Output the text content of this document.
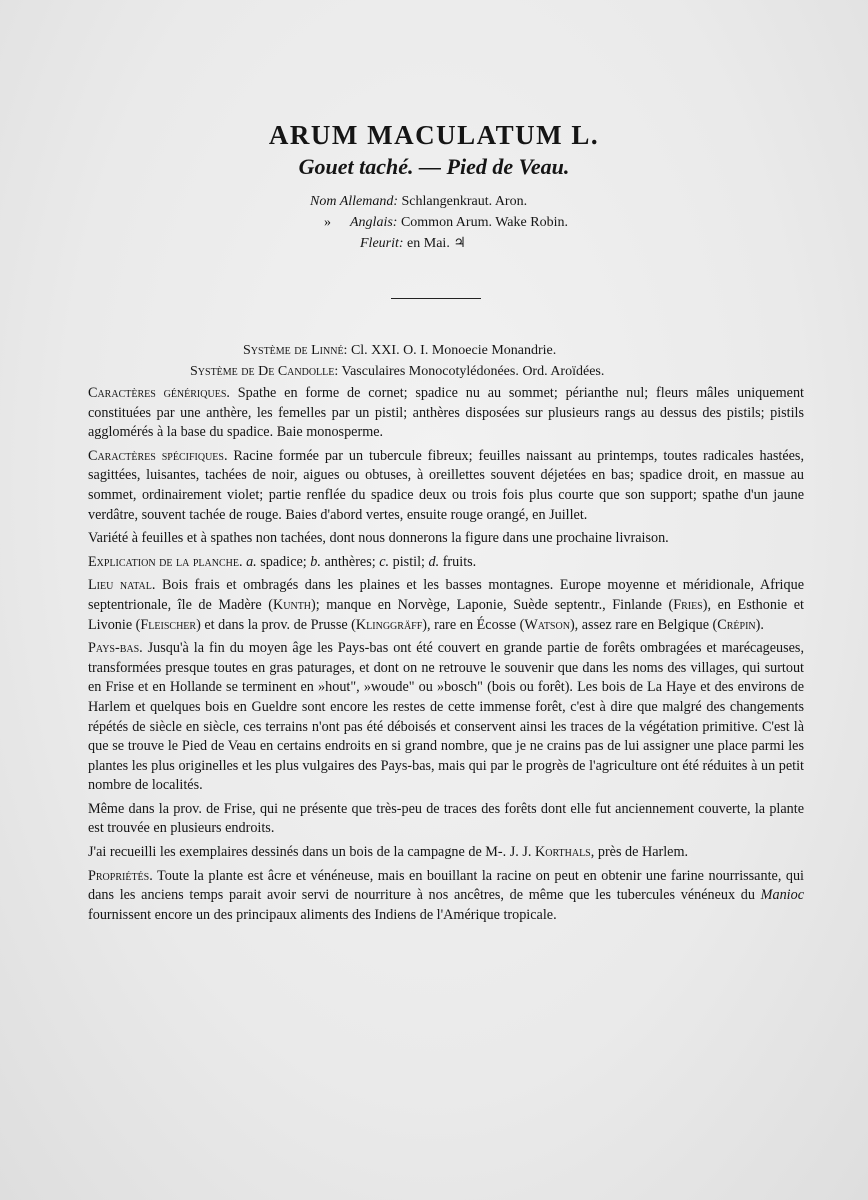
ARUM MACULATUM L.
Gouet taché. — Pied de Veau.
Nom Allemand: Schlangenkraut. Aron.
» Anglais: Common Arum. Wake Robin.
Fleurit: en Mai. ♃
Système de Linné: Cl. XXI. O. I. Monoecie Monandrie.
Système de De Candolle: Vasculaires Monocotylédonées. Ord. Aroïdées.

Caractères génériques. Spathe en forme de cornet; spadice nu au sommet; périanthe nul; fleurs mâles uniquement constituées par une anthère, les femelles par un pistil; anthères disposées sur plusieurs rangs au dessus des pistils; pistils agglomérés à la base du spadice. Baie monosperme.

Caractères spécifiques. Racine formée par un tubercule fibreux; feuilles naissant au printemps, toutes radicales hastées, sagittées, luisantes, tachées de noir, aigues ou obtuses, à oreillettes souvent déjetées en bas; spadice droit, en massue au sommet, ordinairement violet; partie renflée du spadice deux ou trois fois plus courte que son support; spathe d'un jaune verdâtre, souvent tachée de rouge. Baies d'abord vertes, ensuite rouge orangé, en Juillet.

Variété à feuilles et à spathes non tachées, dont nous donnerons la figure dans une prochaine livraison.

Explication de la planche. a. spadice; b. anthères; c. pistil; d. fruits.

Lieu natal. Bois frais et ombragés dans les plaines et les basses montagnes. Europe moyenne et méridionale, Afrique septentrionale, île de Madère (Kunth); manque en Norvège, Laponie, Suède septentr., Finlande (Fries), en Esthonie et Livonie (Fleischer) et dans la prov. de Prusse (Klinggräff), rare en Écosse (Watson), assez rare en Belgique (Crépin).

Pays-bas. Jusqu'à la fin du moyen âge les Pays-bas ont été couvert en grande partie de forêts ombragées et marécageuses, transformées presque toutes en gras paturages, et dont on ne retrouve le souvenir que dans les noms des villages, qui surtout en Frise et en Hollande se terminent en »hout", »woude" ou »bosch" (bois ou forêt). Les bois de La Haye et des environs de Harlem et quelques bois en Gueldre sont encore les restes de cette immense forêt, c'est à dire que malgré des changements répétés de siècle en siècle, ces terrains n'ont pas été déboisés et conservent ainsi les traces de la végétation primitive. C'est là que se trouve le Pied de Veau en certains endroits en si grand nombre, que je ne crains pas de lui assigner une place parmi les plantes les plus originelles et les plus vulgaires des Pays-bas, mais qui par le progrès de l'agriculture ont été réduites à un petit nombre de localités.

Même dans la prov. de Frise, qui ne présente que très-peu de traces des forêts dont elle fut anciennement couverte, la plante est trouvée en plusieurs endroits.

J'ai recueilli les exemplaires dessinés dans un bois de la campagne de M-. J. J. Korthals, près de Harlem.

Propriétés. Toute la plante est âcre et vénéneuse, mais en bouillant la racine on peut en obtenir une farine nourrissante, qui dans les anciens temps parait avoir servi de nourriture à nos ancêtres, de même que les tubercules vénéneux du Manioc fournissent encore un des principaux aliments des Indiens de l'Amérique tropicale.
